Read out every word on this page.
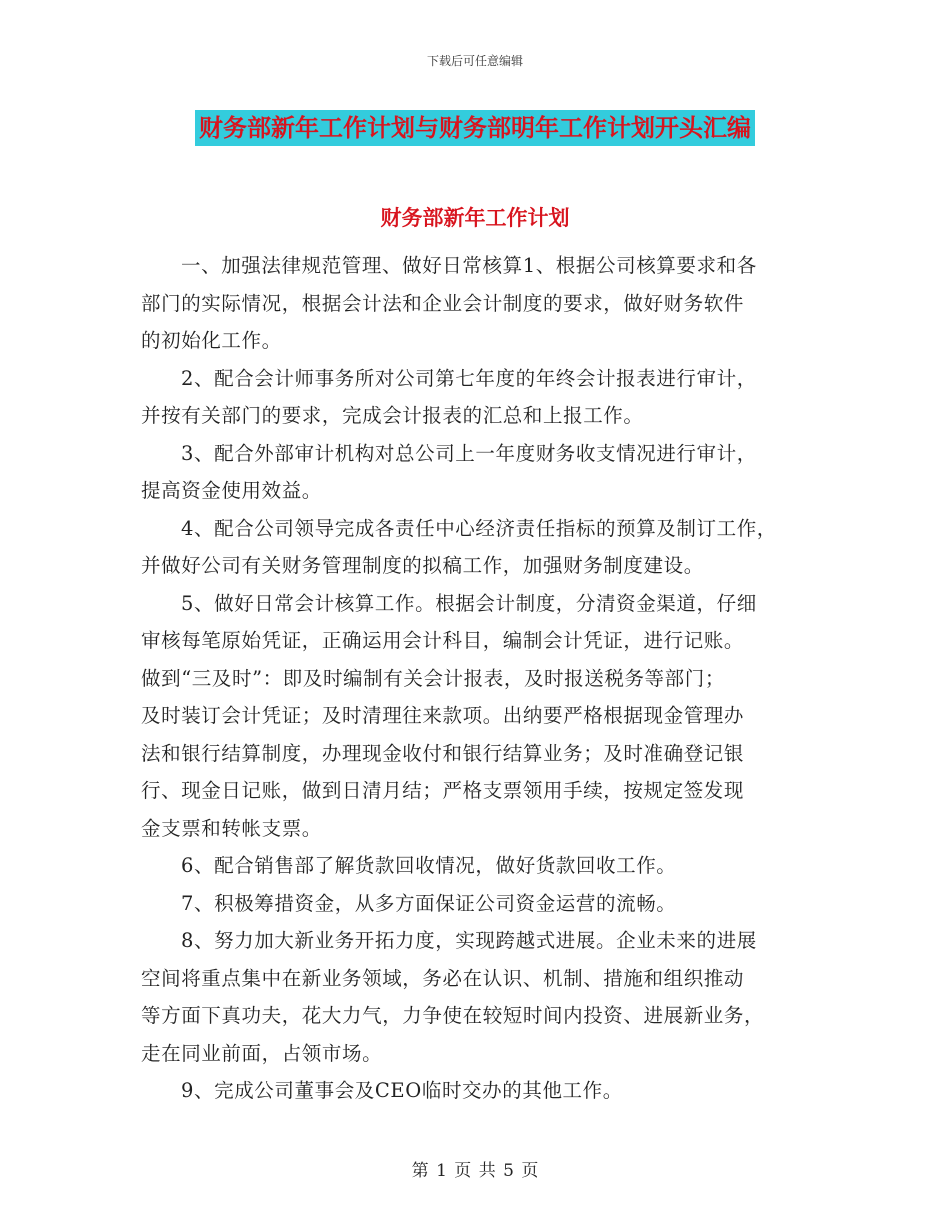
下载后可任意编辑
财务部新年工作计划与财务部明年工作计划开头汇编
财务部新年工作计划

一、加强法律规范管理、做好日常核算1、根据公司核算要求和各
部门的实际情况，根据会计法和企业会计制度的要求，做好财务软件
的初始化工作。

2、配合会计师事务所对公司第七年度的年终会计报表进行审计，
并按有关部门的要求，完成会计报表的汇总和上报工作。

3、配合外部审计机构对总公司上一年度财务收支情况进行审计，
提高资金使用效益。

4、配合公司领导完成各责任中心经济责任指标的预算及制订工作，
并做好公司有关财务管理制度的拟稿工作，加强财务制度建设。

5、做好日常会计核算工作。根据会计制度，分清资金渠道，仔细
审核每笔原始凭证，正确运用会计科目，编制会计凭证，进行记账。
做到“三及时”：即及时编制有关会计报表，及时报送税务等部门；
及时装订会计凭证；及时清理往来款项。出纳要严格根据现金管理办
法和银行结算制度，办理现金收付和银行结算业务；及时准确登记银
行、现金日记账，做到日清月结；严格支票领用手续，按规定签发现
金支票和转帐支票。

6、配合销售部了解货款回收情况，做好货款回收工作。

7、积极筹措资金，从多方面保证公司资金运营的流畅。

8、努力加大新业务开拓力度，实现跨越式进展。企业未来的进展
空间将重点集中在新业务领域，务必在认识、机制、措施和组织推动
等方面下真功夫，花大力气，力争使在较短时间内投资、进展新业务，
走在同业前面，占领市场。

9、完成公司董事会及CEO临时交办的其他工作。

第 1 页 共 5 页
